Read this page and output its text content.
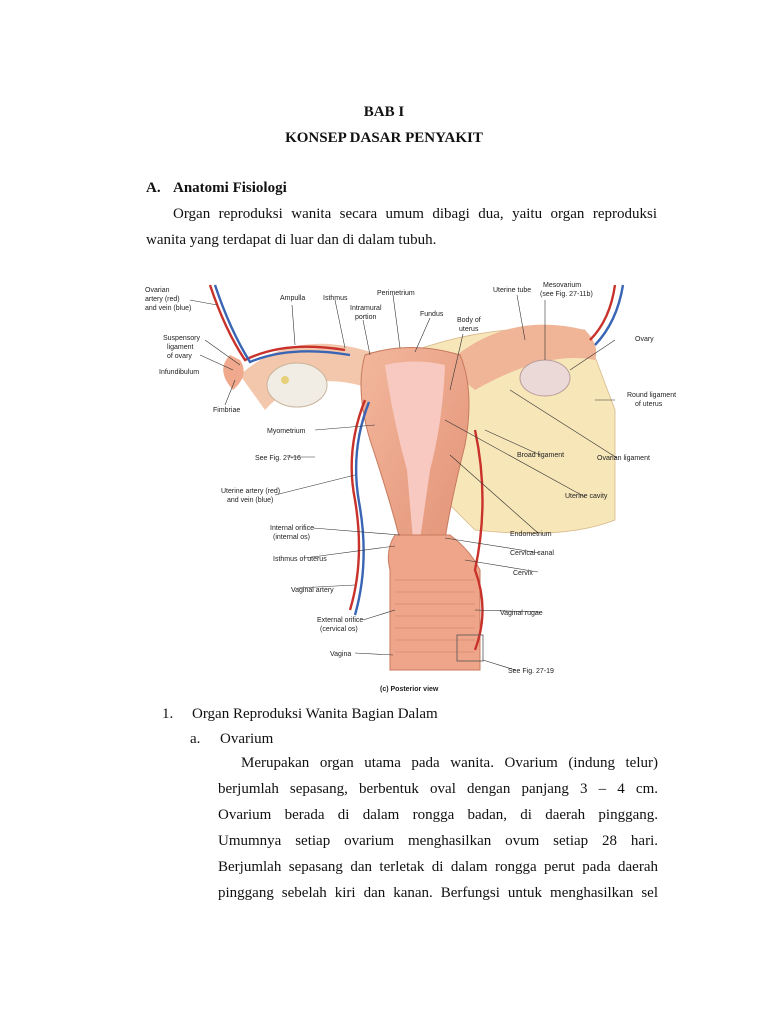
BAB I
KONSEP DASAR PENYAKIT
A. Anatomi Fisiologi
Organ reproduksi wanita secara umum dibagi dua, yaitu organ reproduksi
wanita yang terdapat di luar dan di dalam tubuh.
Ovarian
artery (red)
and vein (blue)
Suspensory
ligament
of ovary
Infundibulum
Fimbriae
Ampulla	Isthmus
Intramural
portion
Perimetrium
Fundus
Body of
uterus
Uterine tube
Mesovarium
(see Fig. 27-11b)
Ovary
Round ligament
of uterus
Broad ligament	Ovarian ligament
Uterine cavity
Myometrium
See Fig. 27-16
Uterine artery (red)
and vein (blue)
Endometrium
Internal orifice
(internal os)
Isthmus of uterus
Cervical canal
Cervix
Vaginal artery
Vaginal rugae
External orifice
(cervical os)
Vagina
See Fig. 27-19
(c) Posterior view
1. Organ Reproduksi Wanita Bagian Dalam
a. Ovarium
Merupakan organ utama pada wanita. Ovarium (indung telur)
berjumlah sepasang, berbentuk oval dengan panjang 3 – 4 cm.
Ovarium berada di dalam rongga badan, di daerah pinggang.
Umumnya setiap ovarium menghasilkan ovum setiap 28 hari.
Berjumlah sepasang dan terletak di dalam rongga perut pada daerah
pinggang sebelah kiri dan kanan. Berfungsi untuk menghasilkan sel
